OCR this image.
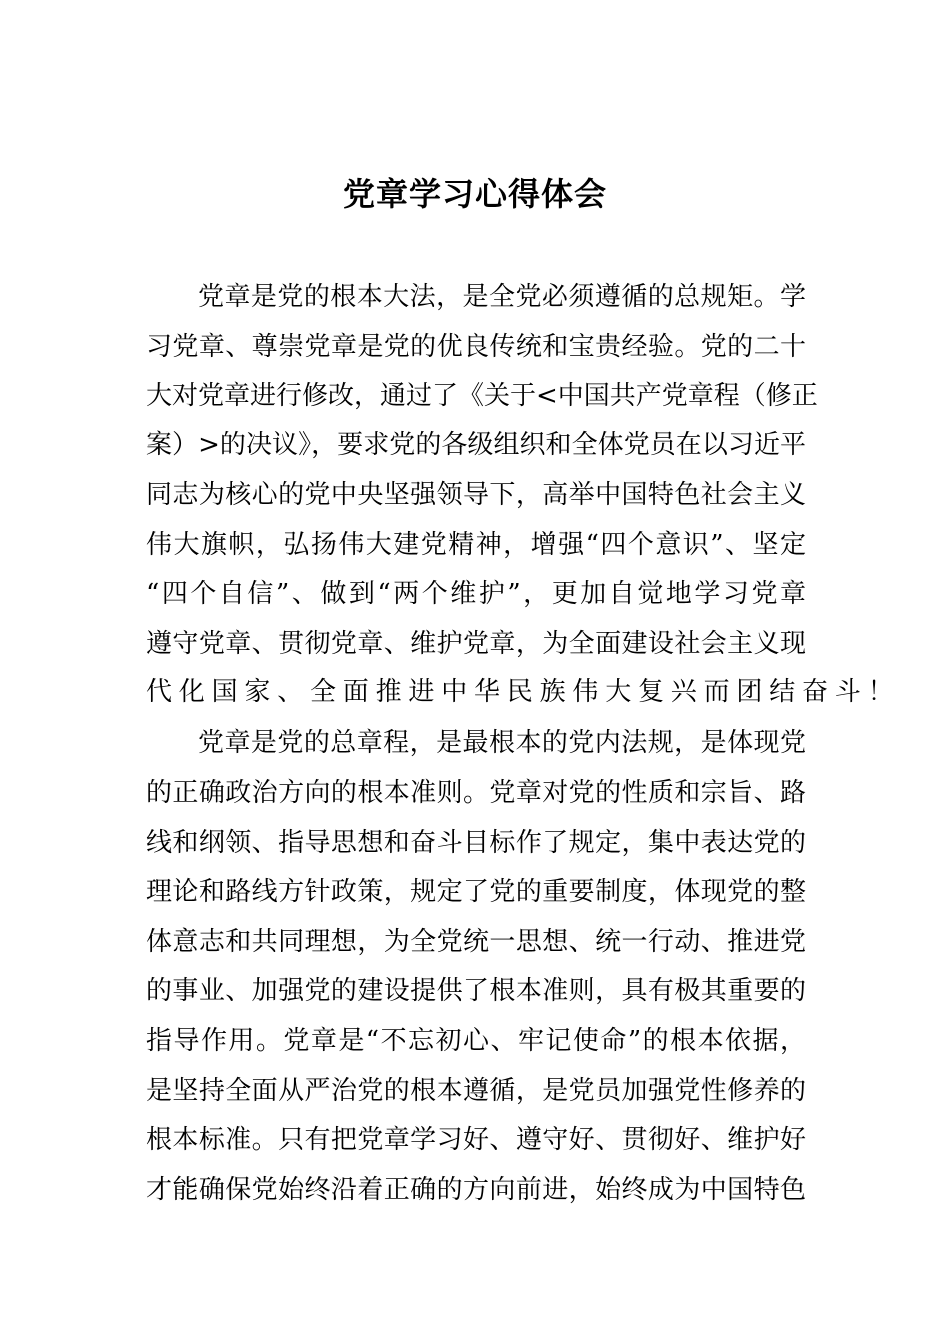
党章学习心得体会
党章是党的根本大法，是全党必须遵循的总规矩。学
习党章、尊崇党章是党的优良传统和宝贵经验。党的二十
大对党章进行修改，通过了《关于<中国共产党章程（修正
案）>的决议》，要求党的各级组织和全体党员在以习近平
同志为核心的党中央坚强领导下，高举中国特色社会主义
伟大旗帜，弘扬伟大建党精神，增强“四个意识”、坚定
“四个自信”、做到“两个维护”，更加自觉地学习党章
遵守党章、贯彻党章、维护党章，为全面建设社会主义现
代化国家、全面推进中华民族伟大复兴而团结奋斗！
党章是党的总章程，是最根本的党内法规，是体现党
的正确政治方向的根本准则。党章对党的性质和宗旨、路
线和纲领、指导思想和奋斗目标作了规定，集中表达党的
理论和路线方针政策，规定了党的重要制度，体现党的整
体意志和共同理想，为全党统一思想、统一行动、推进党
的事业、加强党的建设提供了根本准则，具有极其重要的
指导作用。党章是“不忘初心、牢记使命”的根本依据，
是坚持全面从严治党的根本遵循，是党员加强党性修养的
根本标准。只有把党章学习好、遵守好、贯彻好、维护好
才能确保党始终沿着正确的方向前进，始终成为中国特色
